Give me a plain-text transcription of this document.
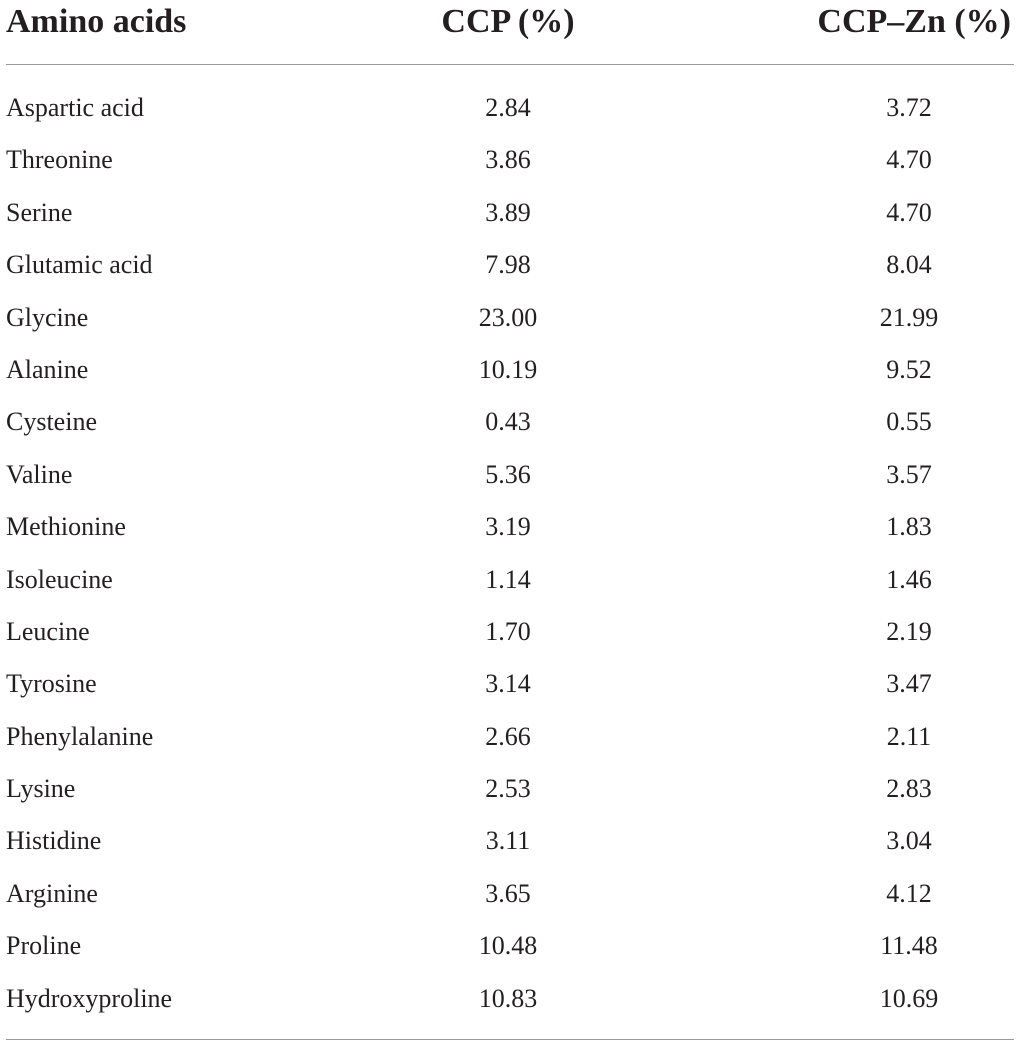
Amino acids	CCP (%)	CCP–Zn (%)
Aspartic acid	2.84	3.72
Threonine	3.86	4.70
Serine	3.89	4.70
Glutamic acid	7.98	8.04
Glycine	23.00	21.99
Alanine	10.19	9.52
Cysteine	0.43	0.55
Valine	5.36	3.57
Methionine	3.19	1.83
Isoleucine	1.14	1.46
Leucine	1.70	2.19
Tyrosine	3.14	3.47
Phenylalanine	2.66	2.11
Lysine	2.53	2.83
Histidine	3.11	3.04
Arginine	3.65	4.12
Proline	10.48	11.48
Hydroxyproline	10.83	10.69
